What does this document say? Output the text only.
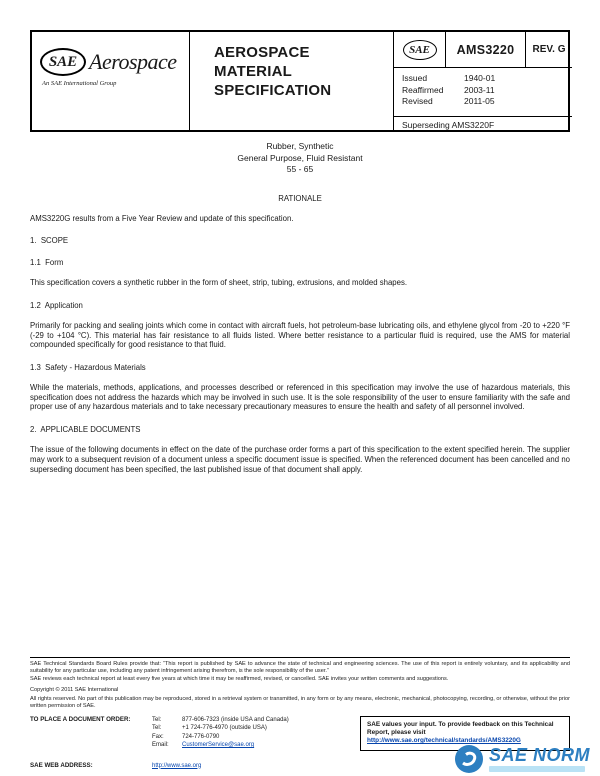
SAE Aerospace
An SAE International Group
AEROSPACE MATERIAL SPECIFICATION
SAE	AMS3220	REV. G
Issued	1940-01
Reaffirmed	2003-11
Revised	2011-05
Superseding AMS3220F
Rubber, Synthetic
General Purpose, Fluid Resistant
55 - 65
RATIONALE

AMS3220G results from a Five Year Review and update of this specification.

1.  SCOPE
1.1  Form

This specification covers a synthetic rubber in the form of sheet, strip, tubing, extrusions, and molded shapes.

1.2  Application

Primarily for packing and sealing joints which come in contact with aircraft fuels, hot petroleum-base lubricating oils, and ethylene glycol from -20 to +220 °F (-29 to +104 °C). This material has fair resistance to all fluids listed. Where better resistance to a particular fluid is required, use the AMS for material compounded specifically for good resistance to that fluid.

1.3  Safety - Hazardous Materials

While the materials, methods, applications, and processes described or referenced in this specification may involve the use of hazardous materials, this specification does not address the hazards which may be involved in such use. It is the sole responsibility of the user to ensure familiarity with the safe and proper use of any hazardous materials and to take necessary precautionary measures to ensure the health and safety of all personnel involved.

2.  APPLICABLE DOCUMENTS

The issue of the following documents in effect on the date of the purchase order forms a part of this specification to the extent specified herein. The supplier may work to a subsequent revision of a document unless a specific document issue is specified. When the referenced document has been cancelled and no superseding document has been specified, the last published issue of that document shall apply.

SAE Technical Standards Board Rules provide that: “This report is published by SAE to advance the state of technical and engineering sciences. The use of this report is entirely voluntary, and its applicability and suitability for any particular use, including any patent infringement arising therefrom, is the sole responsibility of the user.”

SAE reviews each technical report at least every five years at which time it may be reaffirmed, revised, or cancelled. SAE invites your written comments and suggestions.

Copyright © 2011 SAE International

All rights reserved. No part of this publication may be reproduced, stored in a retrieval system or transmitted, in any form or by any means, electronic, mechanical, photocopying, recording, or otherwise, without the prior written permission of SAE.

TO PLACE A DOCUMENT ORDER:	Tel:	877-606-7323 (inside USA and Canada)
Tel:	+1 724-776-4970 (outside USA)
Fax:	724-776-0790
Email:	CustomerService@sae.org
SAE WEB ADDRESS:	http://www.sae.org
SAE values your input. To provide feedback on this Technical Report, please visit http://www.sae.org/technical/standards/AMS3220G
SAE NORM
